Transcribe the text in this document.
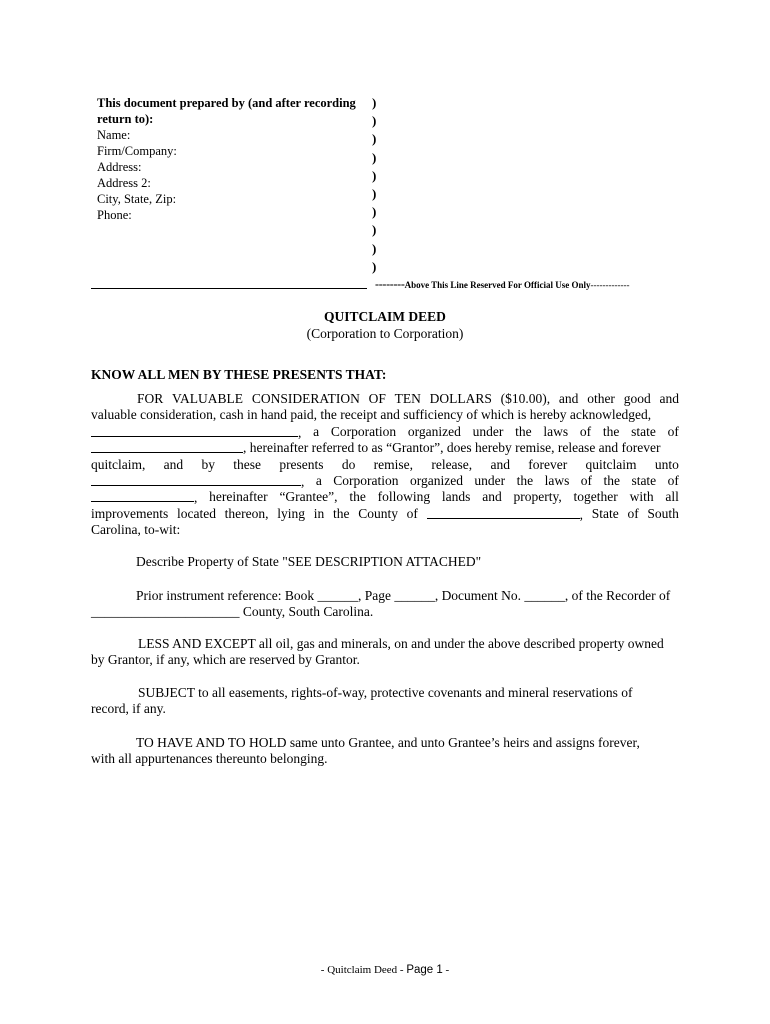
This document prepared by (and after recording
return to):
Name:
Firm/Company:
Address:
Address 2:
City, State, Zip:
Phone:
)
)
)
)
)
)
)
)
)
)
--------Above This Line Reserved For Official Use Only-------------
QUITCLAIM DEED
(Corporation to Corporation)
KNOW ALL MEN BY THESE PRESENTS THAT:
FOR VALUABLE CONSIDERATION OF TEN DOLLARS ($10.00), and other good and
valuable consideration, cash in hand paid, the receipt and sufficiency of which is hereby acknowledged,
, a Corporation organized under the laws of the state of
, hereinafter referred to as “Grantor”, does hereby remise, release and forever
quitclaim, and by these presents do remise, release, and forever quitclaim unto
, a Corporation organized under the laws of the state of
, hereinafter “Grantee”, the following lands and property, together with all
improvements located thereon, lying in the County of	, State of South
Carolina, to-wit:
Describe Property of State "SEE DESCRIPTION ATTACHED"
Prior instrument reference: Book ______, Page ______, Document No. ______, of the Recorder of
______________________ County, South Carolina.
LESS AND EXCEPT all oil, gas and minerals, on and under the above described property owned
by Grantor, if any, which are reserved by Grantor.
SUBJECT to all easements, rights-of-way, protective covenants and mineral reservations of
record, if any.
TO HAVE AND TO HOLD same unto Grantee, and unto Grantee’s heirs and assigns forever,
with all appurtenances thereunto belonging.
- Quitclaim Deed - Page 1 -
